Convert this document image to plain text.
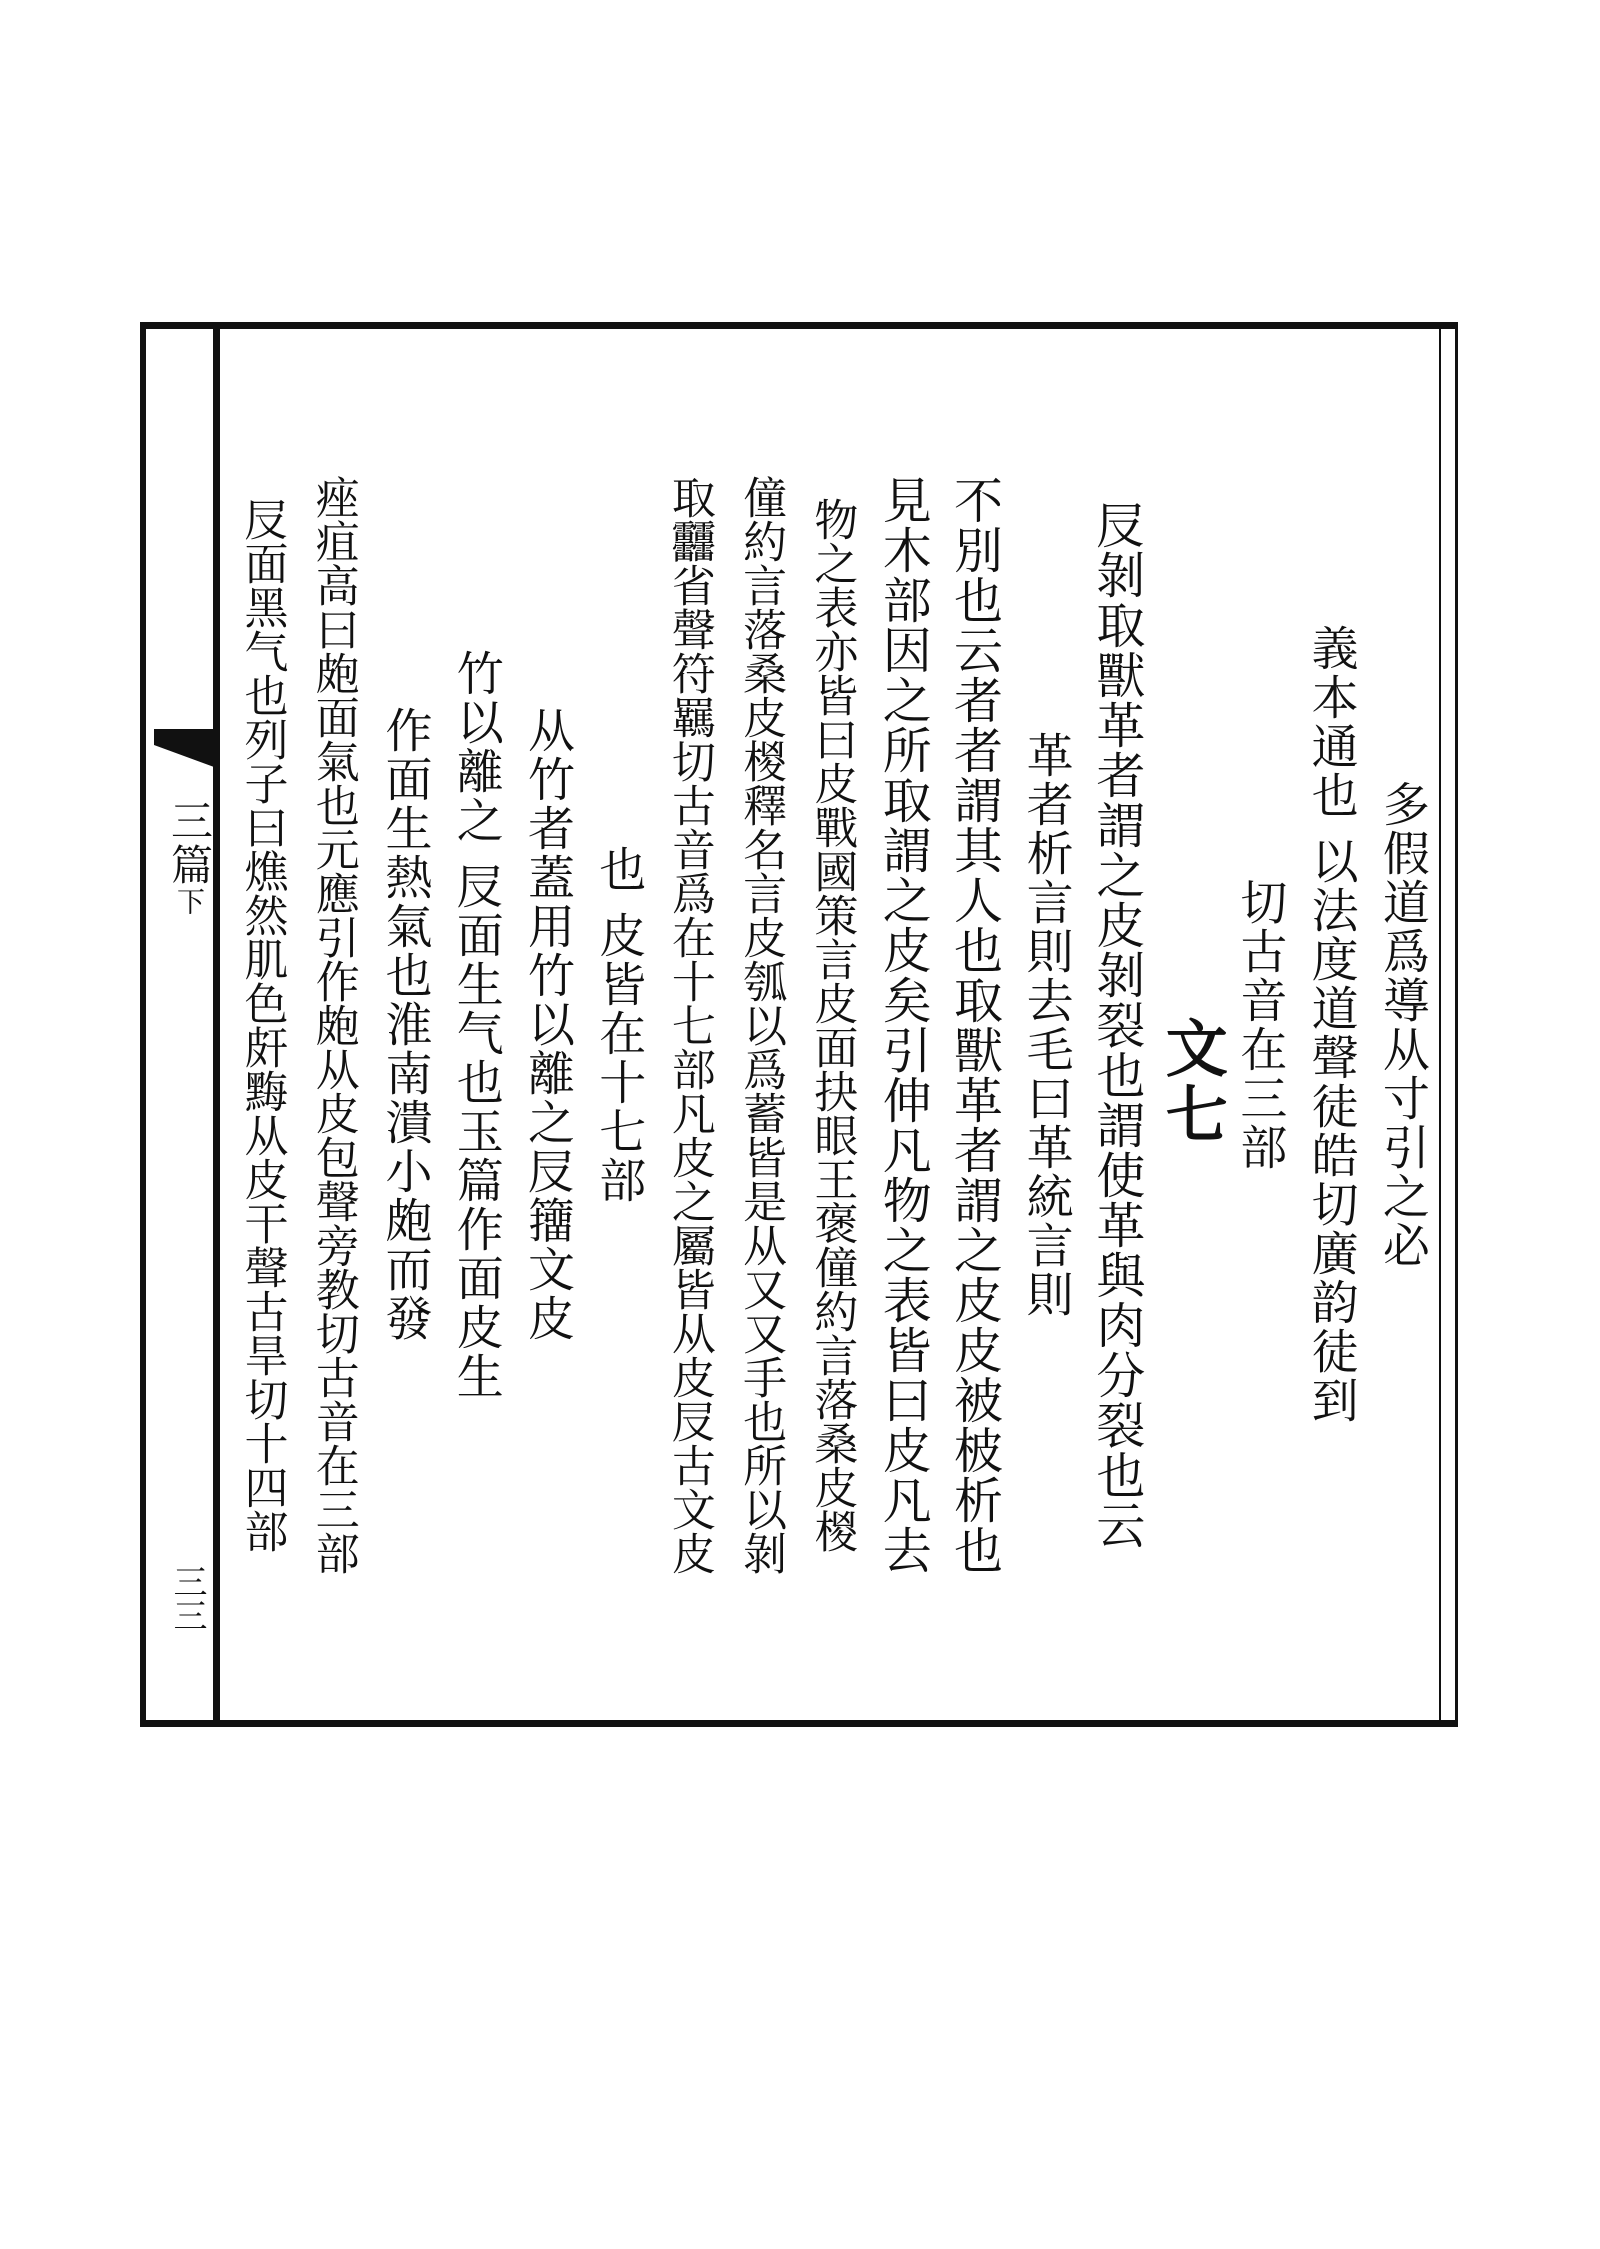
三篇下
三三
多假道爲導从寸引之必
義本通也 以法度道聲徒皓切廣韵徒到
切古音在三部
文七
㞋剝取獸革者謂之皮剝裂也謂使革與肉分裂也云
革者析言則去毛曰革統言則
不別也云者者謂其人也取獸革者謂之皮皮被柀析也
見木部因之所取謂之皮矣引伸凡物之表皆曰皮凡去
物之表亦皆曰皮戰國策言皮面抉眼王褒僮約言落桑皮椶
僮約言落桑皮椶釋名言皮瓠以爲蓄皆是从又又手也所以剝
取䨻省聲符羈切古音爲在十七部凡皮之屬皆从皮㞋古文皮
也 皮皆在十七部
从竹者蓋用竹以離之㞋籒文皮
竹以離之 㞋面生气也玉篇作面皮生
作面生熱氣也淮南潰小皰而發
痤疽高曰皰面氣也元應引作皰从皮包聲旁教切古音在三部
㞋面黑气也列子曰燋然肌色皯黣从皮干聲古旱切十四部
